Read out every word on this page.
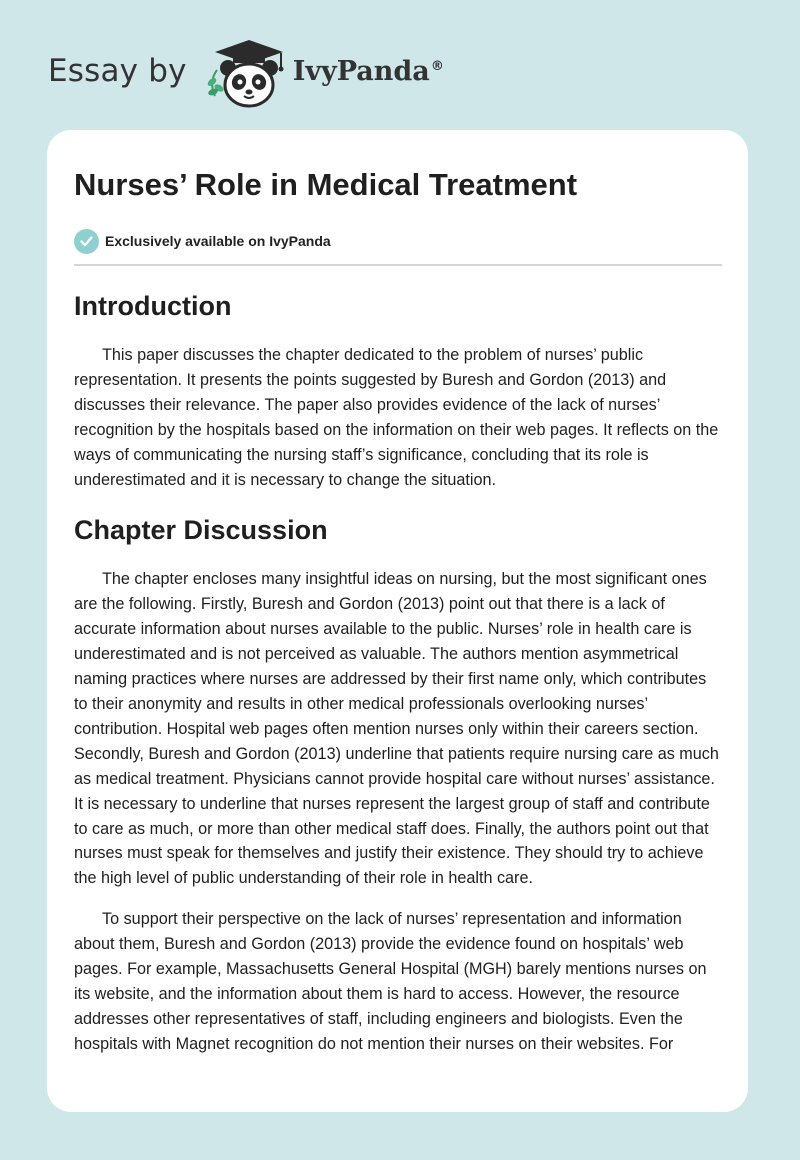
Essay by	IvyPanda®
Nurses’ Role in Medical Treatment
Exclusively available on IvyPanda
Introduction

This paper discusses the chapter dedicated to the problem of nurses’ public representation. It presents the points suggested by Buresh and Gordon (2013) and discusses their relevance. The paper also provides evidence of the lack of nurses’ recognition by the hospitals based on the information on their web pages. It reflects on the ways of communicating the nursing staff’s significance, concluding that its role is underestimated and it is necessary to change the situation.

Chapter Discussion

The chapter encloses many insightful ideas on nursing, but the most significant ones are the following. Firstly, Buresh and Gordon (2013) point out that there is a lack of accurate information about nurses available to the public. Nurses’ role in health care is underestimated and is not perceived as valuable. The authors mention asymmetrical naming practices where nurses are addressed by their first name only, which contributes to their anonymity and results in other medical professionals overlooking nurses’ contribution. Hospital web pages often mention nurses only within their careers section. Secondly, Buresh and Gordon (2013) underline that patients require nursing care as much as medical treatment. Physicians cannot provide hospital care without nurses’ assistance. It is necessary to underline that nurses represent the largest group of staff and contribute to care as much, or more than other medical staff does. Finally, the authors point out that nurses must speak for themselves and justify their existence. They should try to achieve the high level of public understanding of their role in health care.

To support their perspective on the lack of nurses’ representation and information about them, Buresh and Gordon (2013) provide the evidence found on hospitals’ web pages. For example, Massachusetts General Hospital (MGH) barely mentions nurses on its website, and the information about them is hard to access. However, the resource addresses other representatives of staff, including engineers and biologists. Even the hospitals with Magnet recognition do not mention their nurses on their websites. For
